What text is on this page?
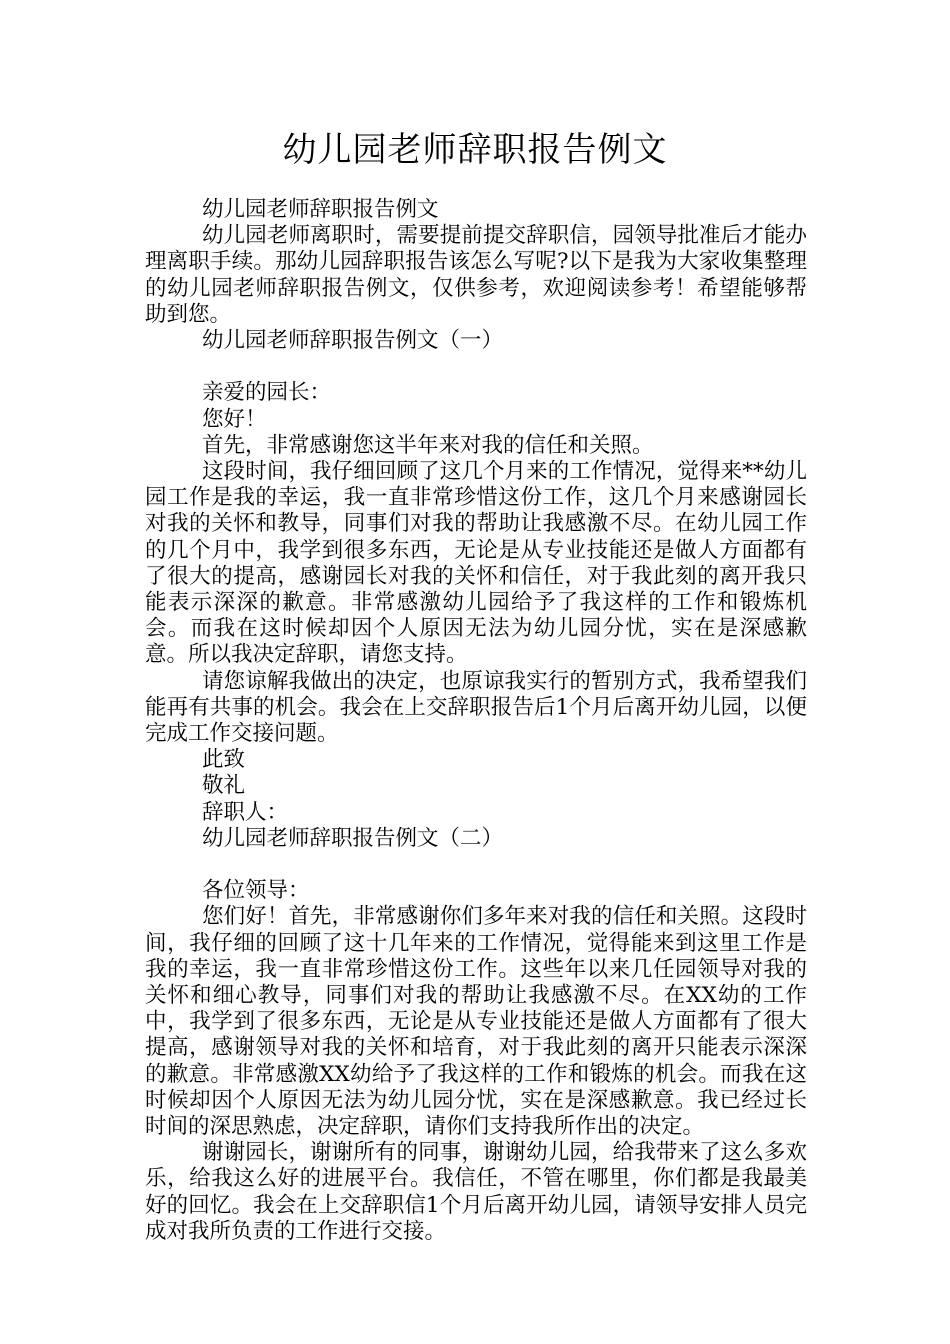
幼儿园老师辞职报告例文

幼儿园老师辞职报告例文

幼儿园老师离职时，需要提前提交辞职信，园领导批准后才能办理离职手续。那幼儿园辞职报告该怎么写呢?以下是我为大家收集整理的幼儿园老师辞职报告例文，仅供参考，欢迎阅读参考！希望能够帮助到您。

幼儿园老师辞职报告例文（一）

亲爱的园长：

您好！

首先，非常感谢您这半年来对我的信任和关照。

这段时间，我仔细回顾了这几个月来的工作情况，觉得来**幼儿园工作是我的幸运，我一直非常珍惜这份工作，这几个月来感谢园长对我的关怀和教导，同事们对我的帮助让我感激不尽。在幼儿园工作的几个月中，我学到很多东西，无论是从专业技能还是做人方面都有了很大的提高，感谢园长对我的关怀和信任，对于我此刻的离开我只能表示深深的歉意。非常感激幼儿园给予了我这样的工作和锻炼机会。而我在这时候却因个人原因无法为幼儿园分忧，实在是深感歉意。所以我决定辞职，请您支持。

请您谅解我做出的决定，也原谅我实行的暂别方式，我希望我们能再有共事的机会。我会在上交辞职报告后1个月后离开幼儿园，以便完成工作交接问题。

此致

敬礼

辞职人：

幼儿园老师辞职报告例文（二）

各位领导：

您们好！首先，非常感谢你们多年来对我的信任和关照。这段时间，我仔细的回顾了这十几年来的工作情况，觉得能来到这里工作是我的幸运，我一直非常珍惜这份工作。这些年以来几任园领导对我的关怀和细心教导，同事们对我的帮助让我感激不尽。在XX幼的工作中，我学到了很多东西，无论是从专业技能还是做人方面都有了很大提高，感谢领导对我的关怀和培育，对于我此刻的离开只能表示深深的歉意。非常感激XX幼给予了我这样的工作和锻炼的机会。而我在这时候却因个人原因无法为幼儿园分忧，实在是深感歉意。我已经过长时间的深思熟虑，决定辞职，请你们支持我所作出的决定。

谢谢园长，谢谢所有的同事，谢谢幼儿园，给我带来了这么多欢乐，给我这么好的进展平台。我信任，不管在哪里，你们都是我最美好的回忆。我会在上交辞职信1个月后离开幼儿园，请领导安排人员完成对我所负责的工作进行交接。
